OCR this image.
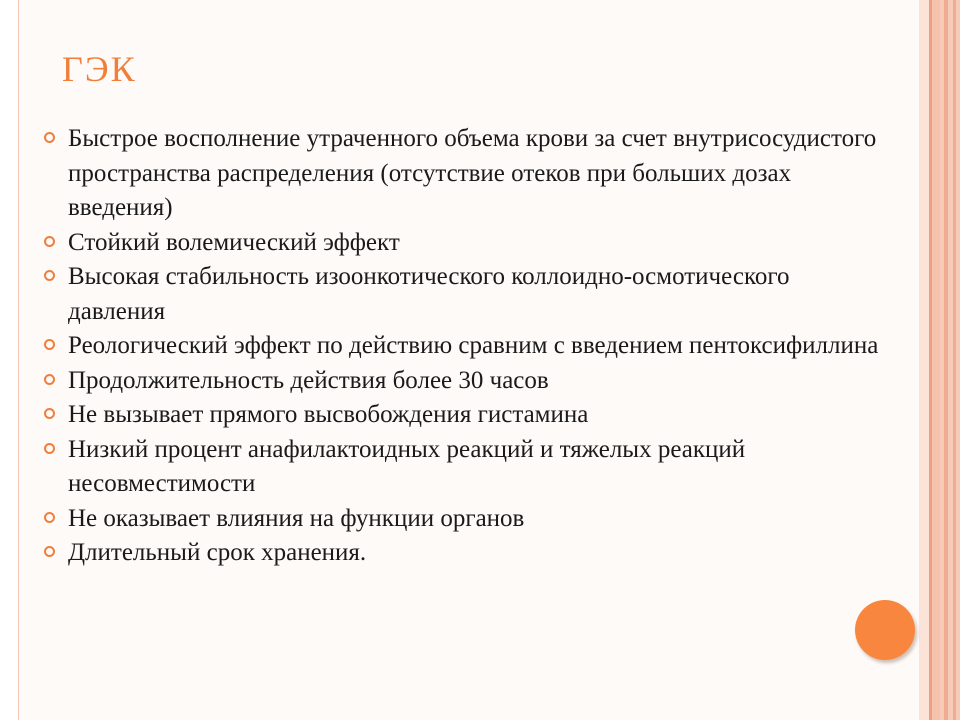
ГЭК
Быстрое восполнение утраченного объема крови за счет внутрисосудистого пространства распределения (отсутствие отеков при больших дозах введения)
Стойкий волемический эффект
Высокая стабильность изоонкотического коллоидно-осмотического давления
Реологический эффект по действию сравним с введением пентоксифиллина
Продолжительность действия более 30 часов
Не вызывает прямого высвобождения гистамина
Низкий процент анафилактоидных реакций и тяжелых реакций несовместимости
Не оказывает влияния на функции органов
Длительный срок хранения.
